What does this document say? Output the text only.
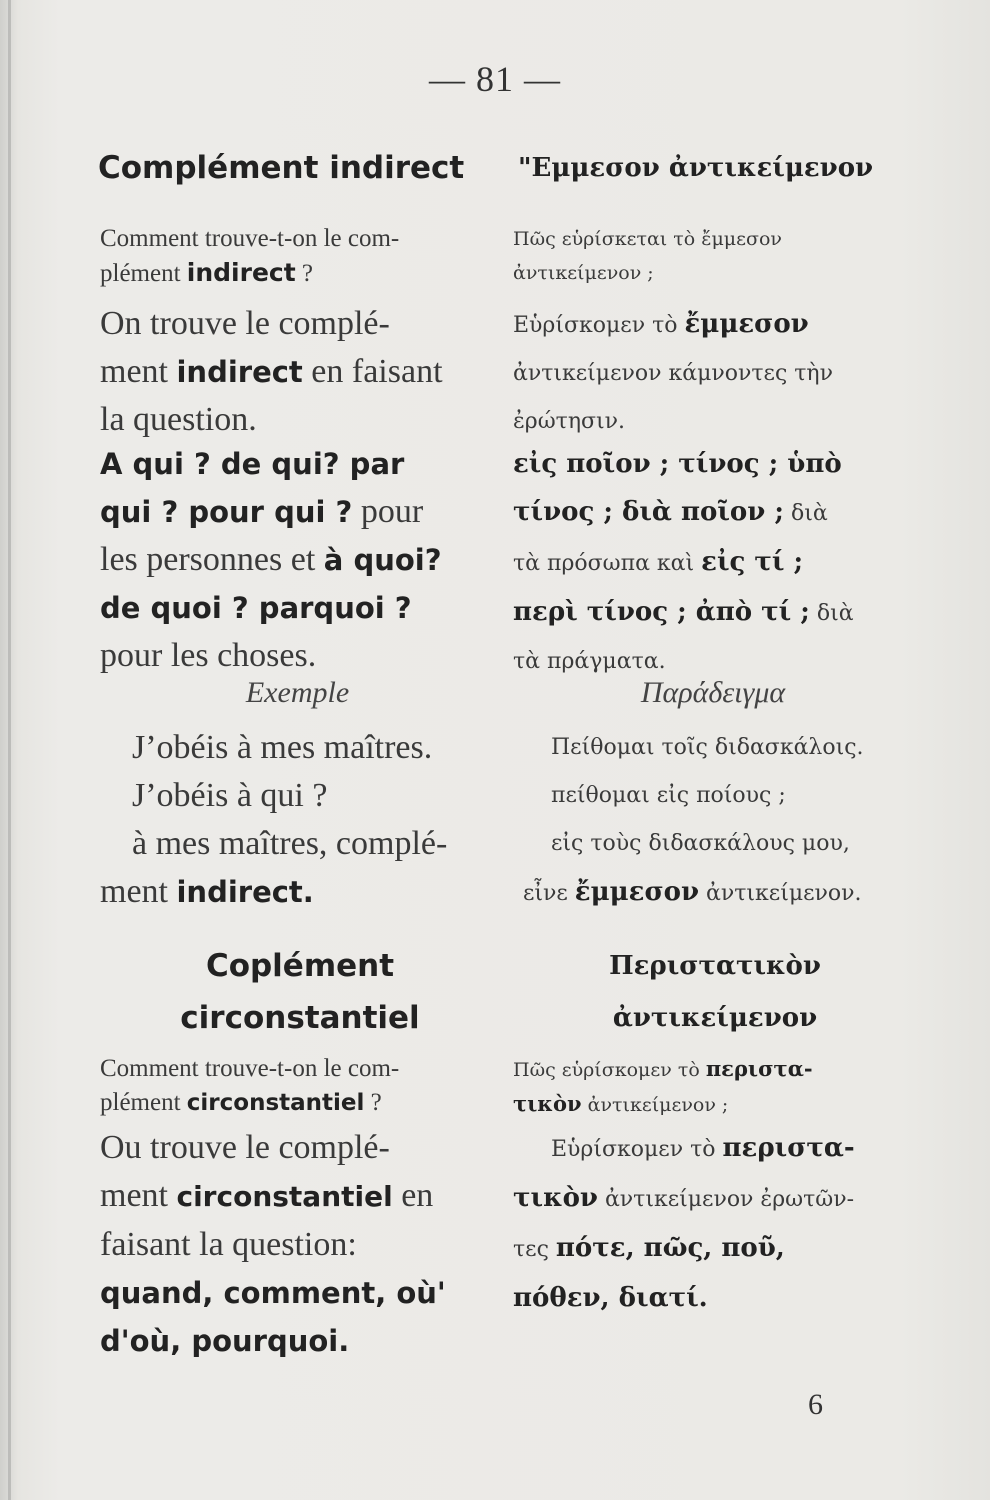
— 81 —
Complément indirect	"Εμμεσον ἀντικείμενον
Comment trouve-t-on le com-
plément indirect ?
Πῶς εὑρίσκεται τὸ ἔμμεσον
ἀντικείμενον ;
On trouve le complé-
ment indirect en faisant
la question.
Εὑρίσκομεν τὸ ἔμμεσον
ἀντικείμενον κάμνοντες τὴν
ἐρώτησιν.
A qui ? de qui? par
qui ? pour qui ? pour
les personnes et à quoi?
de quoi ? parquoi ?
pour les choses.
εἰς ποῖον ; τίνος ; ὑπὸ
τίνος ; διὰ ποῖον ; διὰ
τὰ πρόσωπα καὶ εἰς τί ;
περὶ τίνος ; ἀπὸ τί ; διὰ
τὰ πράγματα.
Exemple	Παράδειγμα
J’obéis à mes maîtres.
J’obéis à qui ?
à mes maîtres, complé-
ment indirect.
Πείθομαι τοῖς διδασκάλοις.
πείθομαι εἰς ποίους ;
εἰς τοὺς διδασκάλους μου,
εἶνε ἔμμεσον ἀντικείμενον.
Coplément
circonstantiel
Περιστατικὸν
ἀντικείμενον
Comment trouve-t-on le com-
plément circonstantiel ?
Πῶς εὑρίσκομεν τὸ περιστα-
τικὸν ἀντικείμενον ;
Ou trouve le complé-
ment circonstantiel en
faisant la question:
quand, comment, où'
d'où, pourquoi.
Εὑρίσκομεν τὸ περιστα-
τικὸν ἀντικείμενον ἐρωτῶν-
τες πότε, πῶς, ποῦ,
πόθεν, διατί.
6
